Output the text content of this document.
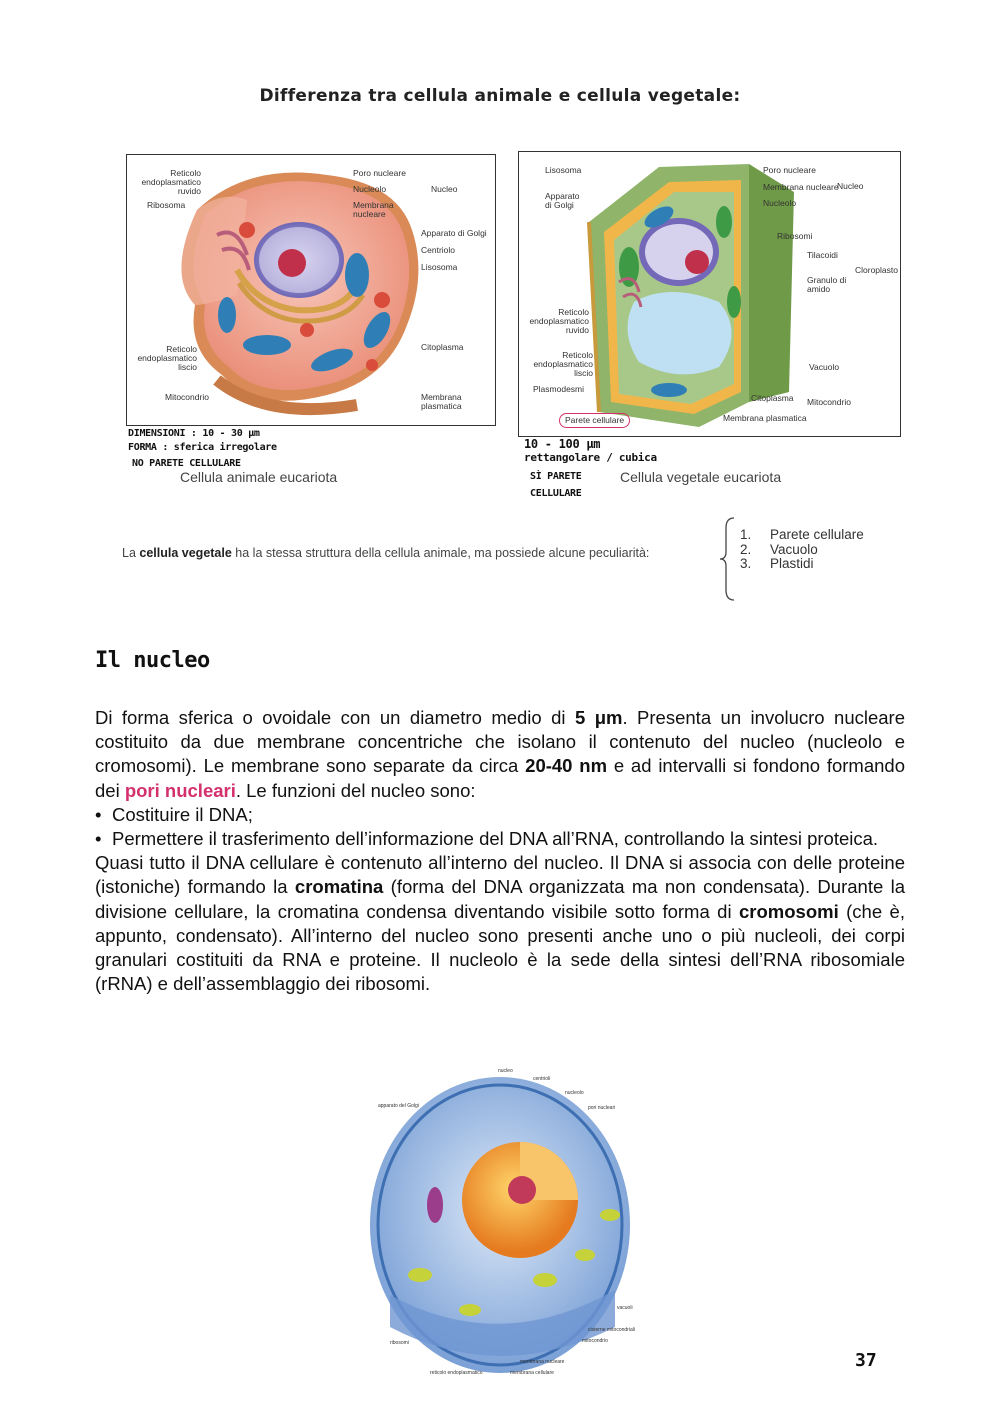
Differenza tra cellula animale e cellula vegetale:
Reticolo endoplasmatico ruvido
Ribosoma
Poro nucleare
Nucleolo	Nucleo
Membrana nucleare
Apparato di Golgi
Centriolo
Lisosoma
Reticolo endoplasmatico liscio
Citoplasma
Mitocondrio	Membrana plasmatica
DIMENSIONI : 10 - 30 μm
FORMA : sferica irregolare
NO PARETE CELLULARE
Cellula animale eucariota
Lisosoma
Apparato di Golgi
Poro nucleare
Membrana nucleare
Nucleo
Nucleolo
Ribosomi
Tilacoidi
Granulo di amido
Cloroplasto
Reticolo endoplasmatico ruvido
Reticolo endoplasmatico liscio
Vacuolo
Plasmodesmi
Citoplasma Mitocondrio
Parete cellulare	Membrana plasmatica
10 - 100 μm
rettangolare / cubica
SÌ PARETE
CELLULARE
Cellula vegetale eucariota
La cellula vegetale ha la stessa struttura della cellula animale, ma possiede alcune peculiarità:
1. Parete cellulare
2. Vacuolo
3. Plastidi
Il nucleo

Di forma sferica o ovoidale con un diametro medio di 5 μm. Presenta un involucro nucleare costituito da due membrane concentriche che isolano il contenuto del nucleo (nucleolo e cromosomi). Le membrane sono separate da circa 20-40 nm e ad intervalli si fondono formando dei pori nucleari. Le funzioni del nucleo sono:

• Costituire il DNA;
• Permettere il trasferimento dell’informazione del DNA all’RNA, controllando la sintesi proteica.

Quasi tutto il DNA cellulare è contenuto all’interno del nucleo. Il DNA si associa con delle proteine (istoniche) formando la cromatina (forma del DNA organizzata ma non condensata). Durante la divisione cellulare, la cromatina condensa diventando visibile sotto forma di cromosomi (che è, appunto, condensato). All’interno del nucleo sono presenti anche uno o più nucleoli, dei corpi granulari costituiti da RNA e proteine. Il nucleolo è la sede della sintesi dell’RNA ribosomiale (rRNA) e dell’assemblaggio dei ribosomi.

nucleo
centrioli
nucleolo
pori nucleari
apparato del Golgi
vacuoli
cisterne mitocondriali
mitocondrio
ribosomi
membrana nucleare
reticolo endoplasmatico	membrana cellulare
37
